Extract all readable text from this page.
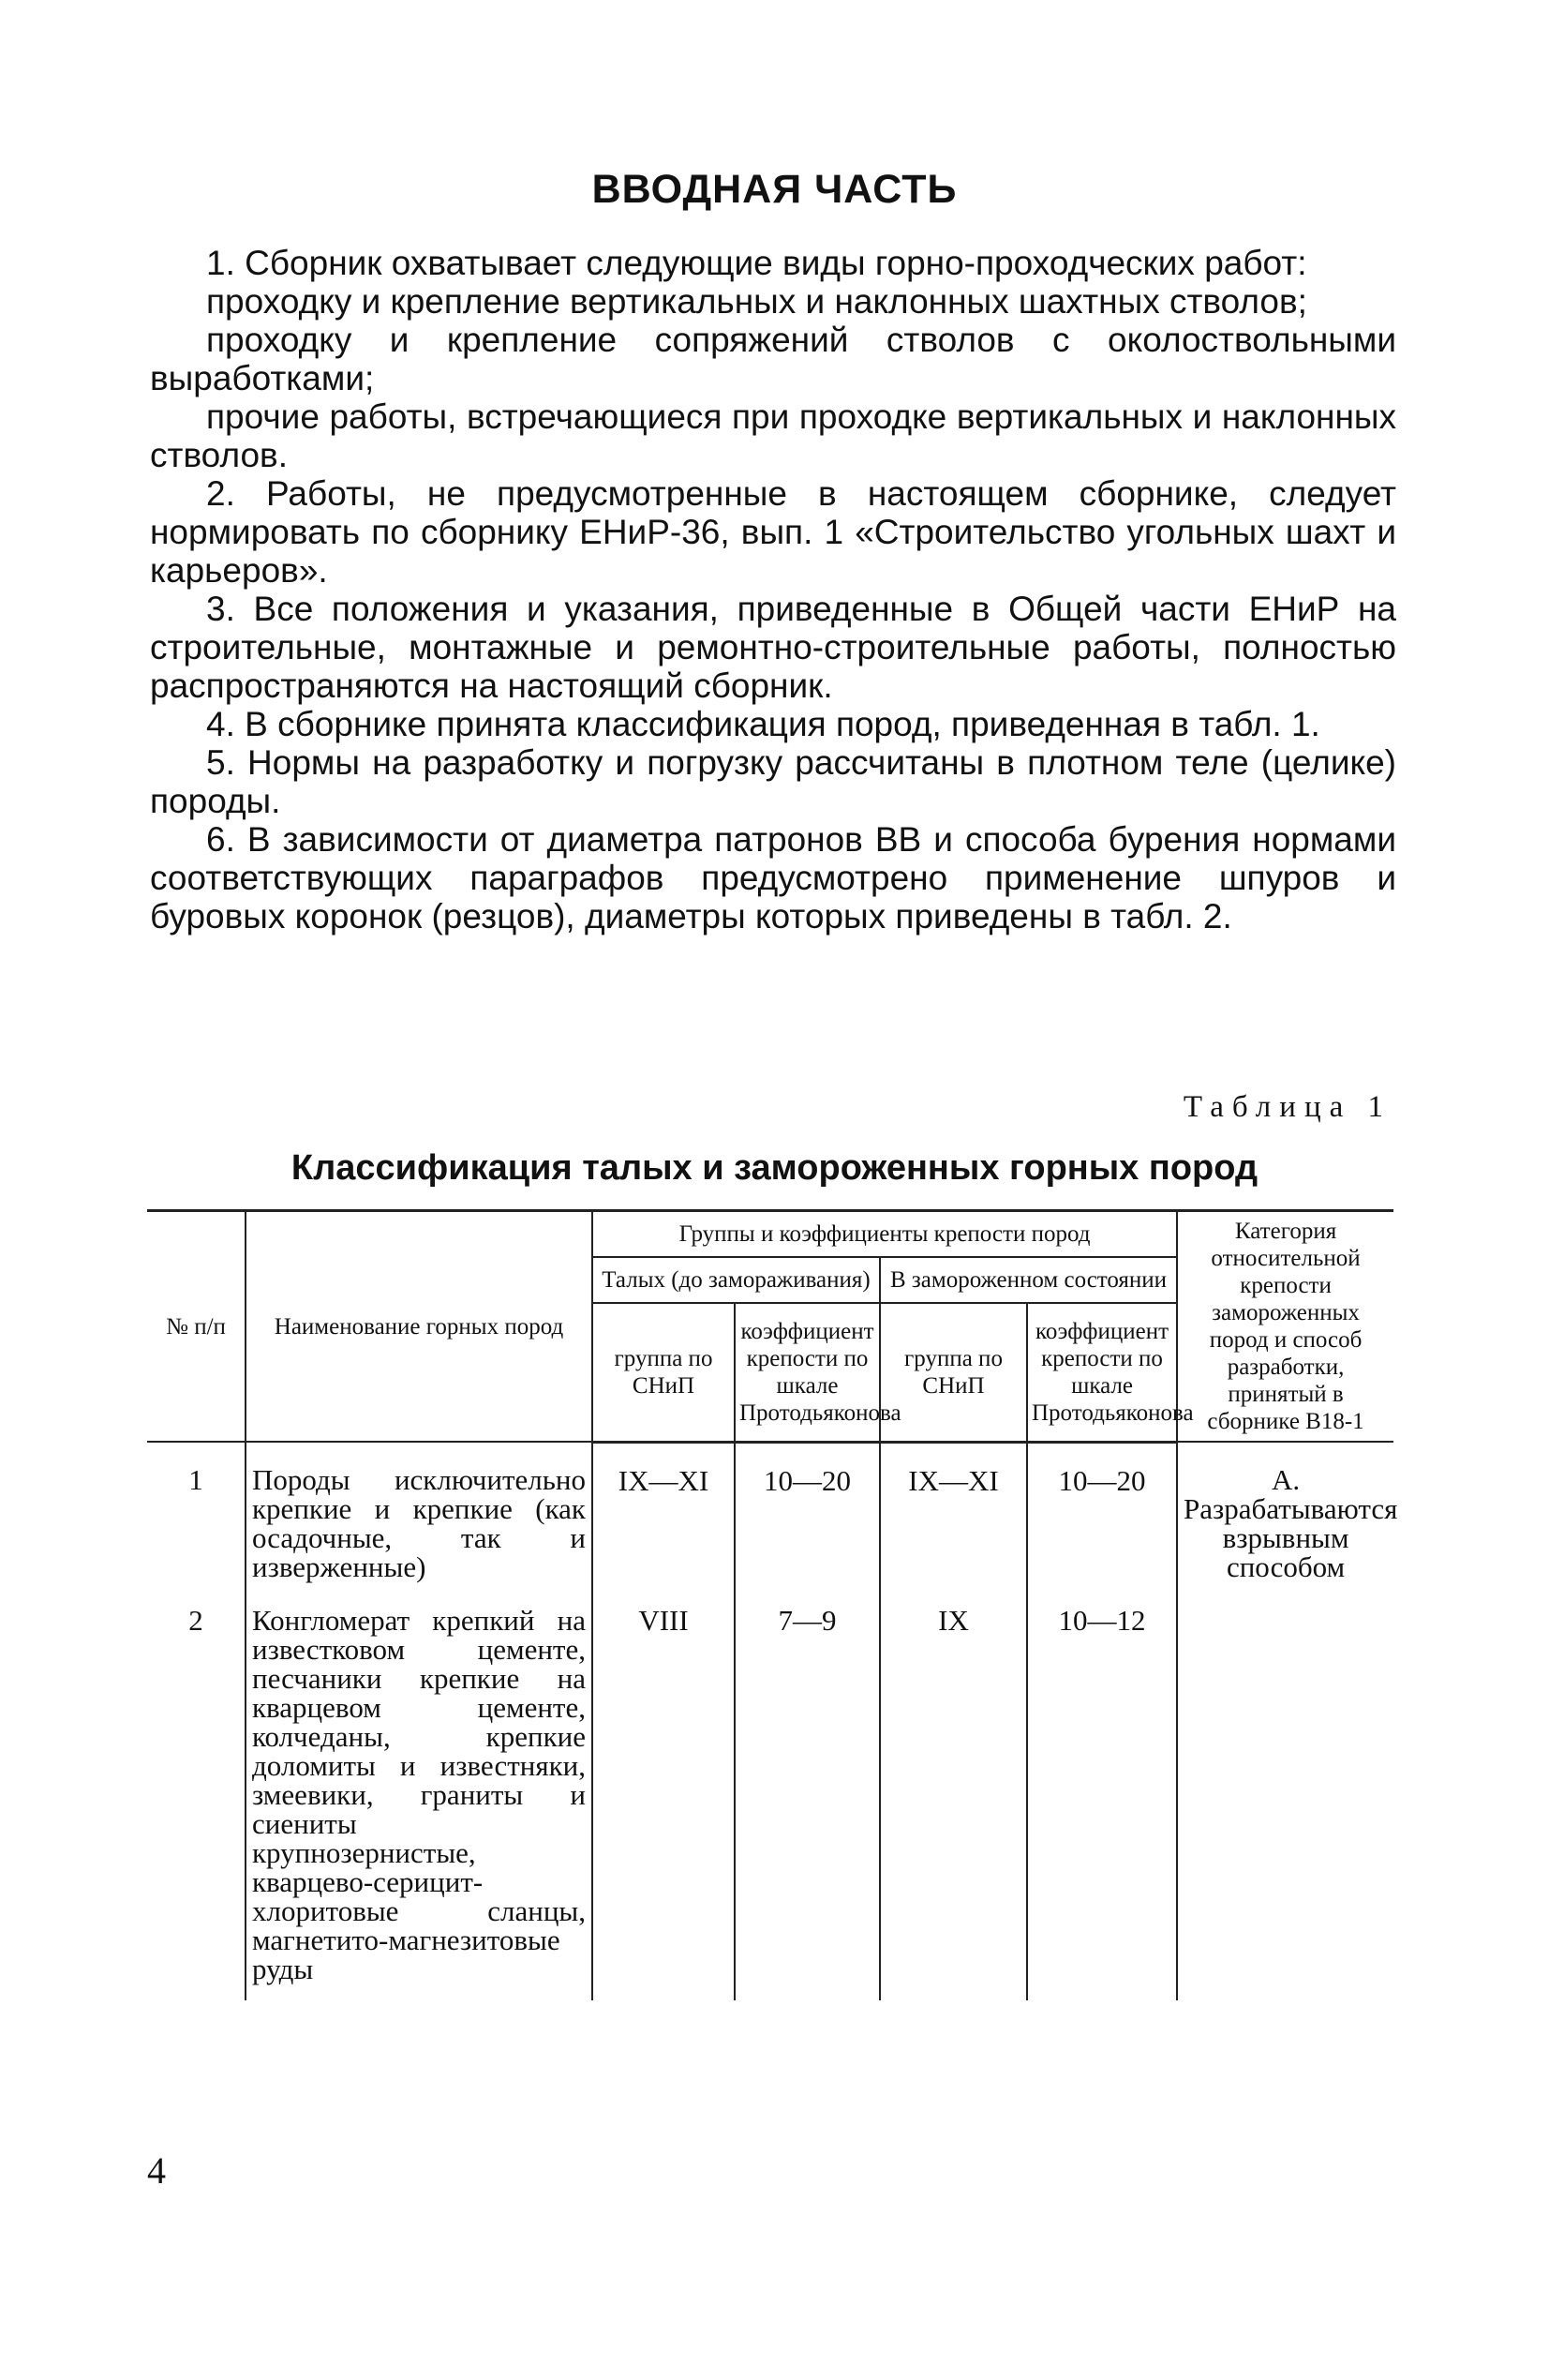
ВВОДНАЯ ЧАСТЬ

1. Сборник охватывает следующие виды горно-проходческих работ:

проходку и крепление вертикальных и наклонных шахтных стволов;

проходку и крепление сопряжений стволов с околоствольными выработками;

прочие работы, встречающиеся при проходке вертикальных и наклонных стволов.

2. Работы, не предусмотренные в настоящем сборнике, следует нормировать по сборнику ЕНиР-36, вып. 1 «Строительство угольных шахт и карьеров».

3. Все положения и указания, приведенные в Общей части ЕНиР на строительные, монтажные и ремонтно-строительные работы, полностью распространяются на настоящий сборник.

4. В сборнике принята классификация пород, приведенная в табл. 1.

5. Нормы на разработку и погрузку рассчитаны в плотном теле (целике) породы.

6. В зависимости от диаметра патронов ВВ и способа бурения нормами соответствующих параграфов предусмотрено применение шпуров и буровых коронок (резцов), диаметры которых приведены в табл. 2.

Таблица 1
Классификация талых и замороженных горных пород
№ п/п	Наименование горных пород	Группы и коэффициенты крепости пород				Категория относительной крепости замороженных пород и способ разработки, принятый в сборнике В18-1
		Талых (до замораживания)		В замороженном состоянии		
		группа по СНиП	коэффициент крепости по шкале Протодьяконова	группа по СНиП	коэффициент крепости по шкале Протодьяконова	
1	Породы исключительно крепкие и крепкие (как осадочные, так и изверженные)	IX—XI	10—20	IX—XI	10—20	А. Разрабатываются взрывным способом
2	Конгломерат крепкий на известковом цементе, песчаники крепкие на кварцевом цементе, колчеданы, крепкие доломиты и известняки, змеевики, граниты и сиениты крупнозернистые, кварцево-серицит-хлоритовые сланцы, магнетито-магнезитовые руды	VIII	7—9	IX	10—12	
4
